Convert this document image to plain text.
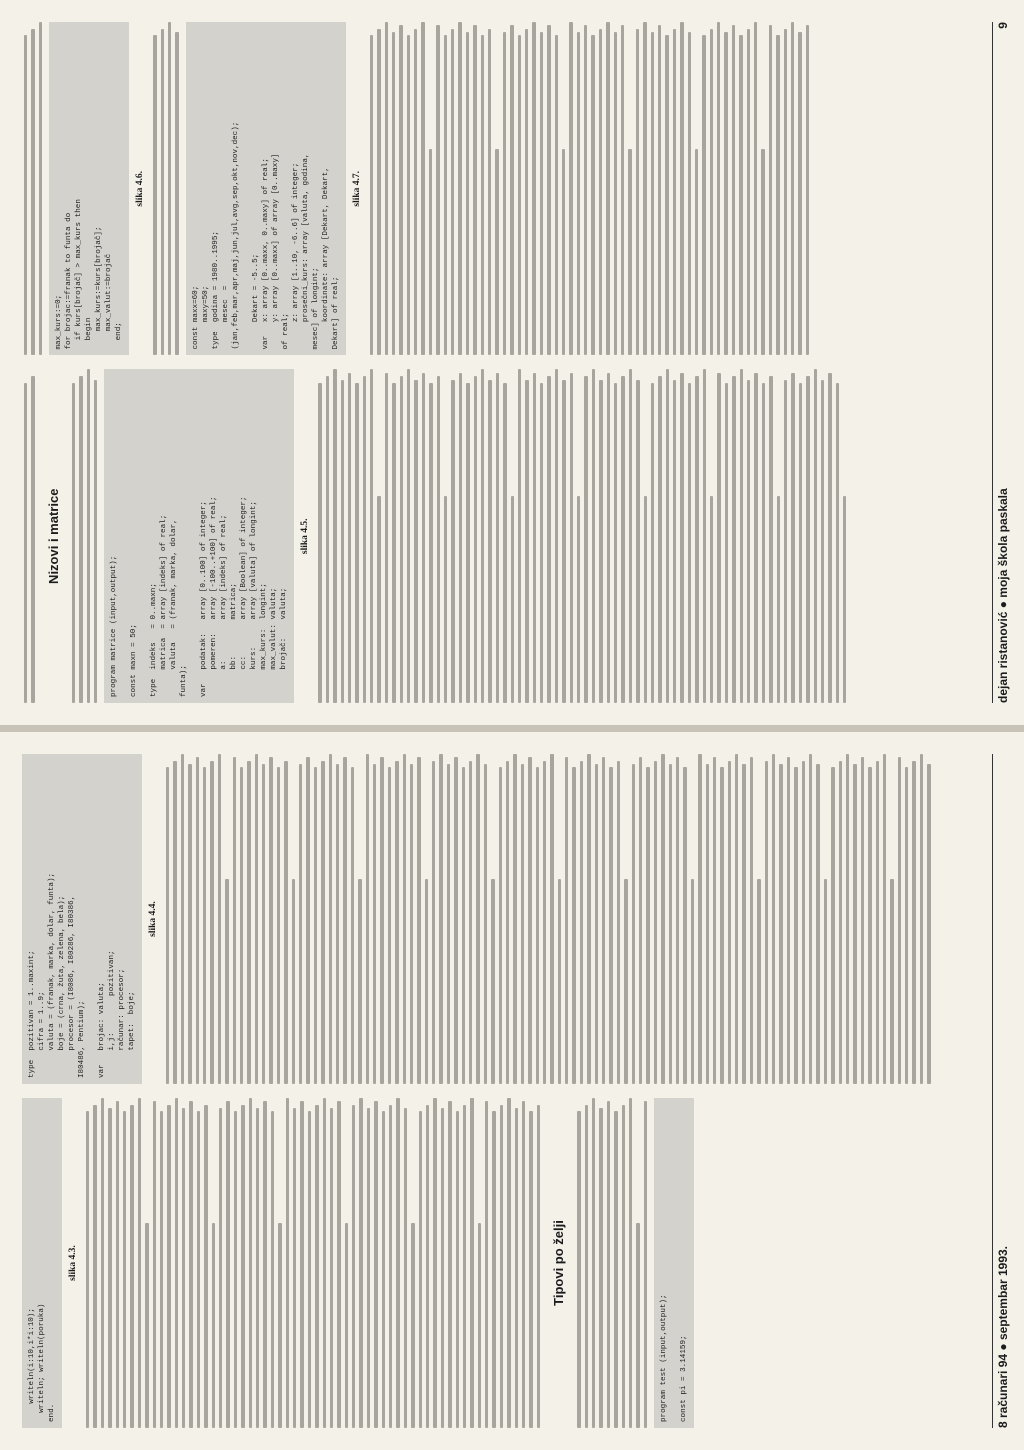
writeln(i:10,i*i:10);
writeln; writeln(poruka)
end.
slika 4.3.	Tipovi po želji
program test (input,output);

const pi = 3.14159;
type  pozitivan = 1..maxint;
cifra = 1..9;
valuta = (franak, marka, dolar, funta);
boje = (crna, žuta, zelena, bela);
procesor = (I8086, I80286, I80386,
I80486, Pentium);

var   brojac: valuta;
i,j:        pozitivan;
računar: procesor;
tapet:  boje;
slika 4.4.
8 računari 94 ● septembar 1993.
Nizovi i matrice
program matrice (input,output);

const maxn = 50;

type  indeks   = 0..maxn;
matrica  = array [indeks] of real;
valuta   = (franak, marka, dolar,
funta);

var   podatak:   array [0..100] of integer;
pomeren:   array [-100..+100] of real;
a:         array [indeks] of real;
bb:        matrica;
cc:        array [Boolean] of integer;
kurs:      array [valuta] of longint;
max_kurs:  longint;
max_valut: valuta;
brojač:    valuta;
slika 4.5.
max_kurs:=0;
for brojac:=franak to funta do
if kurs[brojač] > max_kurs then
begin
max_kurs:=kurs[brojač];
max_valut:=brojač
end;
slika 4.6.
const maxx=60;
maxy=50;
type  godina = 1980..1995;
mesec  =
(jan,feb,mar,apr,maj,jun,jul,avg,sep,okt,nov,dec);

Dekart = -5..5;
var   x: array [0..maxx, 0..maxy] of real;
y: array [0..maxx] of array [0..maxy]
of real;
z: array [1..10, -6..6] of integer;
prosečni_kurs: array [valuta, godina,
mesec] of longint;
koordinate: array [Dekart, Dekart,
Dekart] of real;
slika 4.7.
dejan ristanović ● moja škola paskala
9
